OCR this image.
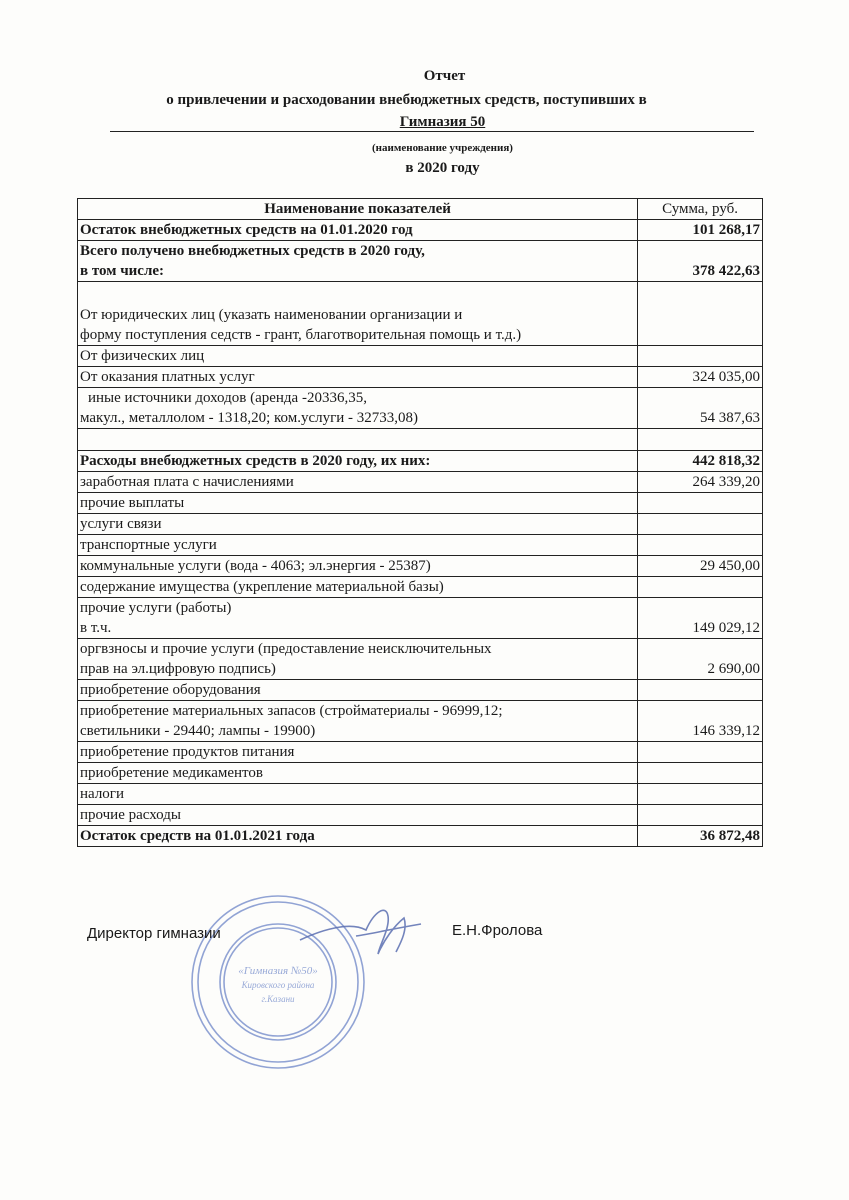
Отчет
о привлечении и расходовании внебюджетных средств, поступивших в
Гимназия 50
(наименование учреждения)
в 2020 году
Наименование показателей	Сумма, руб.

Остаток внебюджетных средств на 01.01.2020 год	101 268,17

Всего получено внебюджетных средств в 2020 году,
в том числе:	378 422,63

От юридических лиц (указать наименовании организации и
форму поступления седств - грант, благотворительная помощь и т.д.)	

От физических лиц	

От оказания платных услуг	324 035,00

иные источники доходов (аренда -20336,35,
макул., металлолом - 1318,20; ком.услуги - 32733,08)	54 387,63

Расходы внебюджетных средств в 2020 году, их них:	442 818,32

заработная плата с начислениями	264 339,20

прочие выплаты	

услуги связи	

транспортные услуги	

коммунальные услуги (вода - 4063; эл.энергия - 25387)	29 450,00

содержание имущества (укрепление материальной базы)	

прочие услуги (работы)
в т.ч.	149 029,12

оргвзносы и прочие услуги (предоставление неисключительных
прав на эл.цифровую подпись)	2 690,00

приобретение оборудования	

приобретение материальных запасов (стройматериалы - 96999,12;
светильники - 29440; лампы - 19900)	146 339,12

приобретение продуктов питания	

приобретение медикаментов	

налоги	

прочие расходы	

Остаток средств на 01.01.2021 года	36 872,48
«Гимназия №50»
Кировского района
г.Казани
Директор гимназии	Е.Н.Фролова
